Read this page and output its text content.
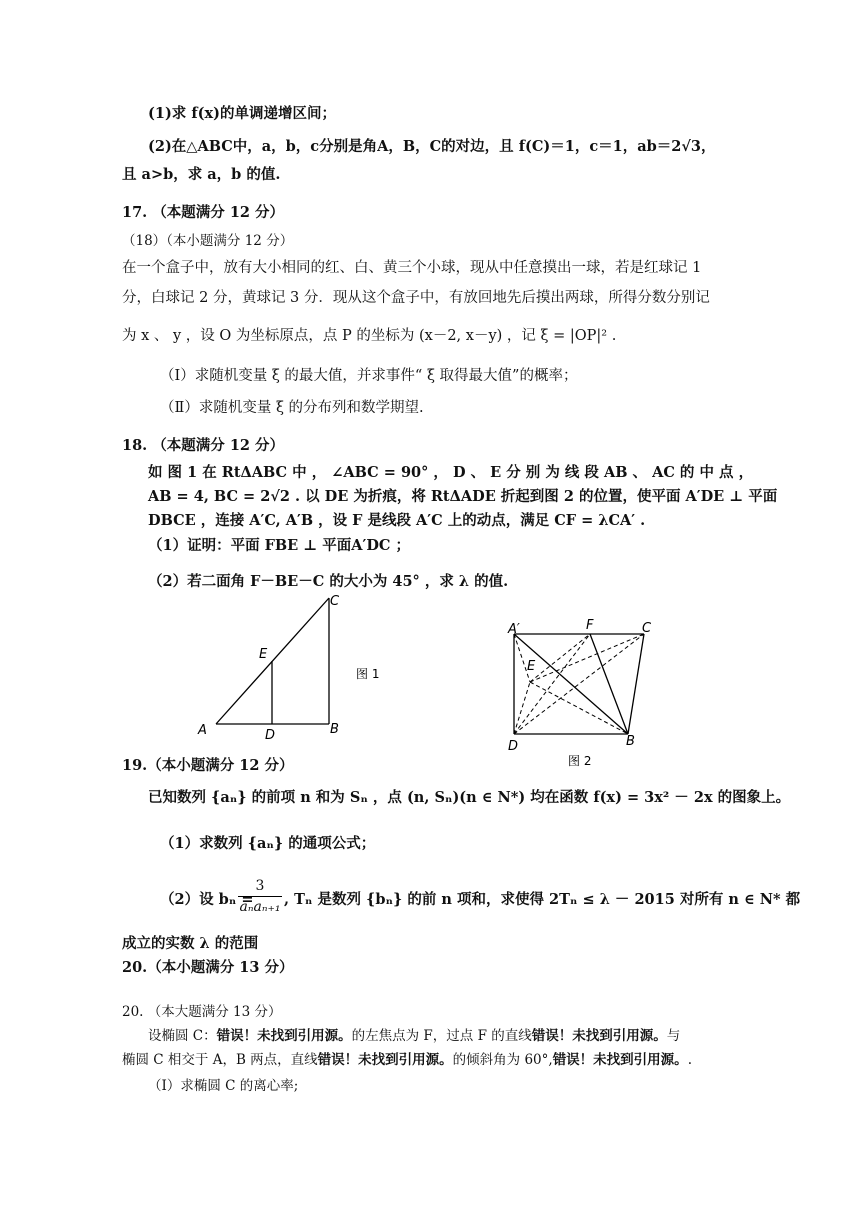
(1)求 f(x)的单调递增区间；
(2)在△ABC中，a，b，c分别是角A，B，C的对边，且 f(C)＝1，c＝1，ab＝2√3，
且 a>b，求 a，b 的值.
17. （本题满分 12 分）
（18）（本小题满分 12 分）
在一个盒子中，放有大小相同的红、白、黄三个小球，现从中任意摸出一球，若是红球记 1
分，白球记 2 分，黄球记 3 分．现从这个盒子中，有放回地先后摸出两球，所得分数分别记
为 x 、 y ，设 O 为坐标原点，点 P 的坐标为 (x－2, x－y) ，记 ξ = |OP|² .
（Ⅰ）求随机变量 ξ 的最大值，并求事件“ ξ 取得最大值”的概率；
（Ⅱ）求随机变量 ξ 的分布列和数学期望.
18. （本题满分 12 分）
如 图 1 在 RtΔABC 中 ， ∠ABC = 90° ， D 、 E 分 别 为 线 段 AB 、 AC 的 中 点 ，
AB = 4, BC = 2√2 . 以 DE 为折痕，将 RtΔADE 折起到图 2 的位置，使平面 A′DE ⊥ 平面
DBCE ，连接 A′C, A′B ，设 F 是线段 A′C 上的动点，满足 CF = λCA′ .
（1）证明：平面 FBE ⊥ 平面A′DC ；
（2）若二面角 F－BE－C 的大小为 45° ，求 λ 的值.
A	B
C
D
E
图 1
A′	F	C
E
D	B
图 2
19.（本小题满分 12 分）
已知数列 {aₙ} 的前项 n 和为 Sₙ ，点 (n, Sₙ)(n ∈ N*) 均在函数 f(x) = 3x² － 2x 的图象上。
（1）求数列 {aₙ} 的通项公式；
（2）设 bₙ =
3
aₙaₙ₊₁ , Tₙ 是数列 {bₙ} 的前 n 项和，求使得 2Tₙ ≤ λ － 2015 对所有 n ∈ N* 都
成立的实数 λ 的范围
20.（本小题满分 13 分）
20. （本大题满分 13 分）
设椭圆 C：错误！未找到引用源。的左焦点为 F，过点 F 的直线错误！未找到引用源。与
椭圆 C 相交于 A，B 两点，直线错误！未找到引用源。的倾斜角为 60°,错误！未找到引用源。.
（Ⅰ）求椭圆 C 的离心率;
